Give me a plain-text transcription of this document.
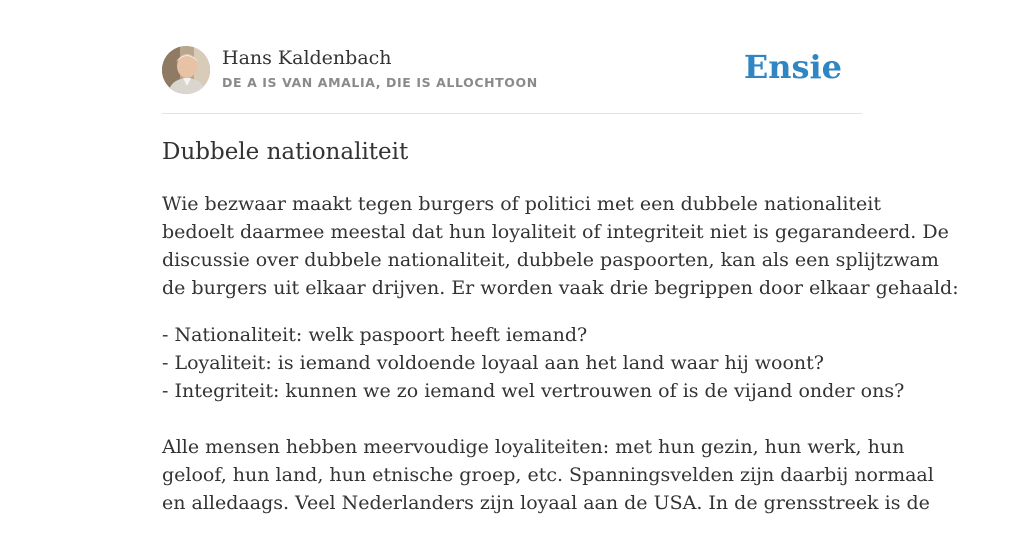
Hans Kaldenbach
DE A IS VAN AMALIA, DIE IS ALLOCHTOON	Ensie
Dubbele nationaliteit

Wie bezwaar maakt tegen burgers of politici met een dubbele nationaliteit
bedoelt daarmee meestal dat hun loyaliteit of integriteit niet is gegarandeerd. De
discussie over dubbele nationaliteit, dubbele paspoorten, kan als een splijtzwam
de burgers uit elkaar drijven. Er worden vaak drie begrippen door elkaar gehaald:

- Nationaliteit: welk paspoort heeft iemand?
- Loyaliteit: is iemand voldoende loyaal aan het land waar hij woont?
- Integriteit: kunnen we zo iemand wel vertrouwen of is de vijand onder ons?

Alle mensen hebben meervoudige loyaliteiten: met hun gezin, hun werk, hun
geloof, hun land, hun etnische groep, etc. Spanningsvelden zijn daarbij normaal
en alledaags. Veel Nederlanders zijn loyaal aan de USA. In de grensstreek is de
